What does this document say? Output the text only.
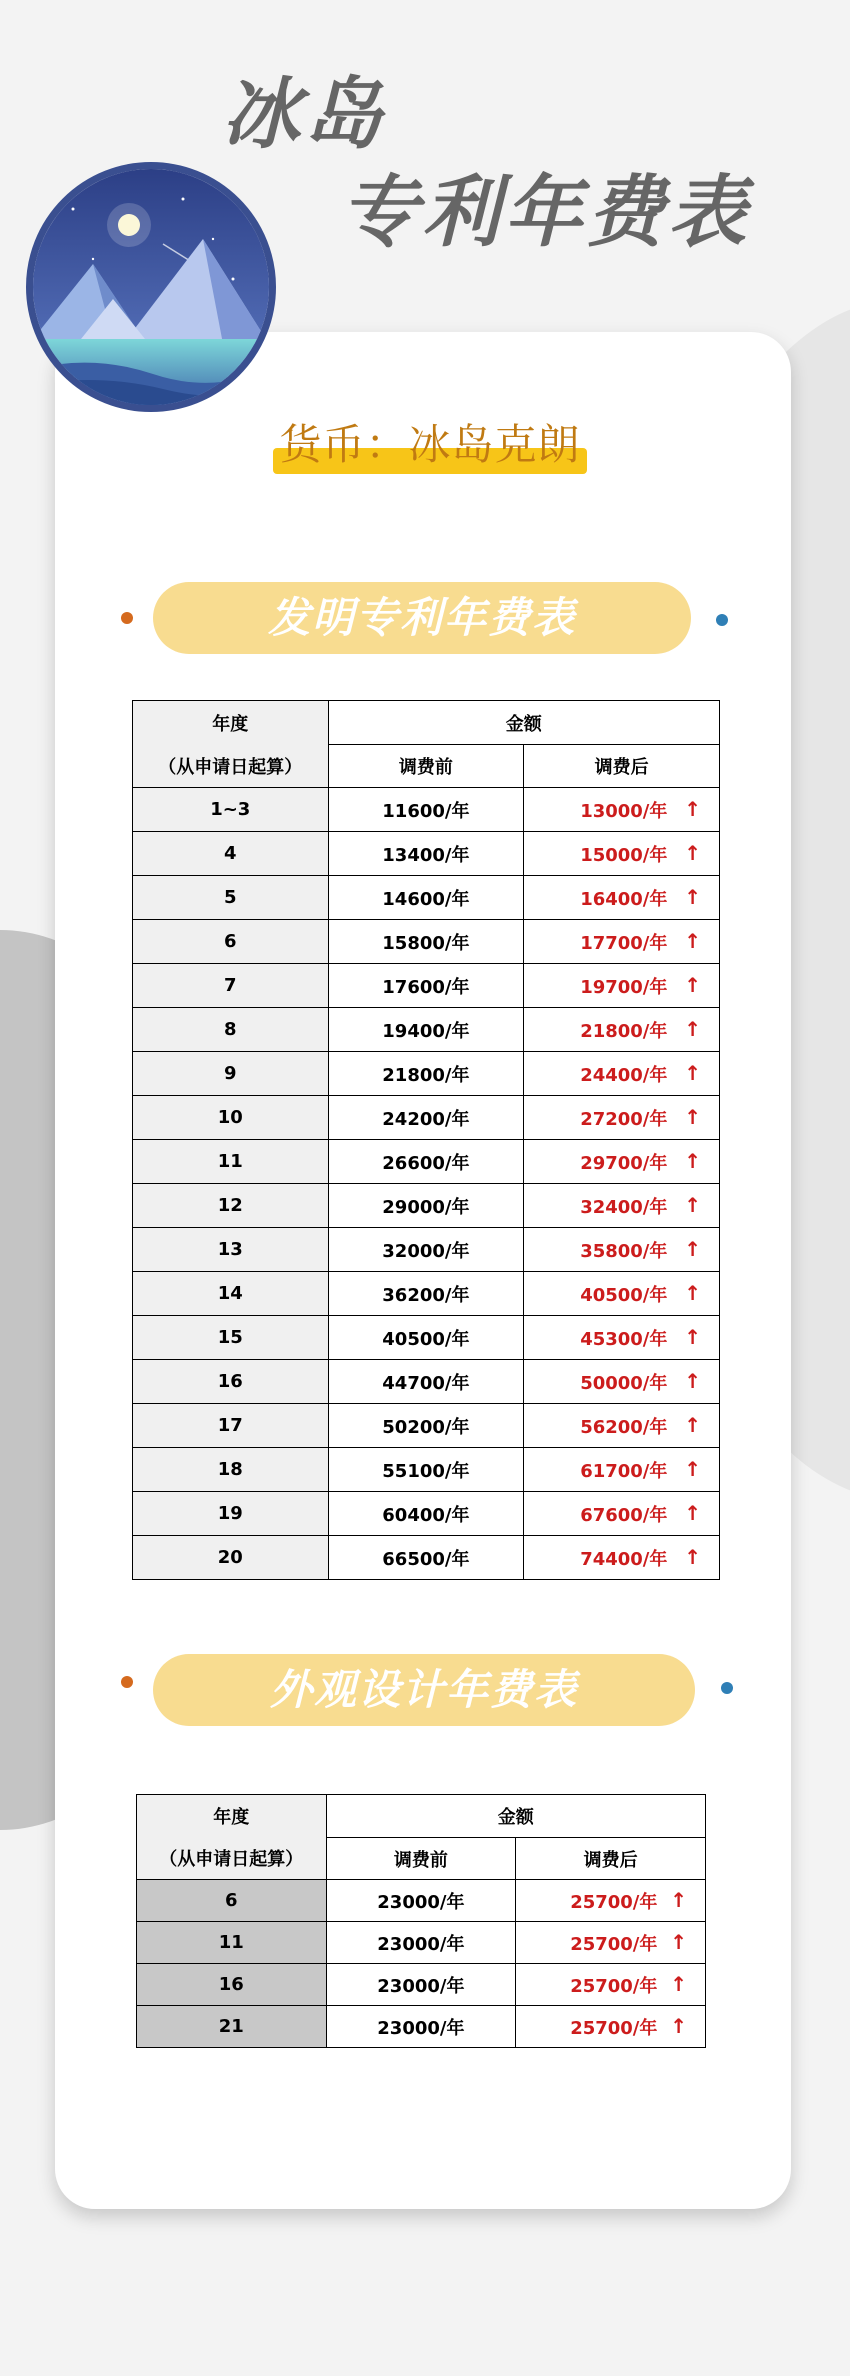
冰岛
专利年费表
货币：冰岛克朗
发明专利年费表
年度	金额	
（从申请日起算）	调费前	调费后
1~3	11600/年	13000/年 ↑

4	13400/年	15000/年 ↑

5	14600/年	16400/年 ↑

6	15800/年	17700/年 ↑

7	17600/年	19700/年 ↑

8	19400/年	21800/年 ↑

9	21800/年	24400/年 ↑

10	24200/年	27200/年 ↑

11	26600/年	29700/年 ↑

12	29000/年	32400/年 ↑

13	32000/年	35800/年 ↑

14	36200/年	40500/年 ↑

15	40500/年	45300/年 ↑

16	44700/年	50000/年 ↑

17	50200/年	56200/年 ↑

18	55100/年	61700/年 ↑

19	60400/年	67600/年 ↑

20	66500/年	74400/年 ↑
外观设计年费表
年度	金额	
（从申请日起算）	调费前	调费后
6	23000/年	25700/年 ↑

11	23000/年	25700/年 ↑

16	23000/年	25700/年 ↑

21	23000/年	25700/年 ↑
